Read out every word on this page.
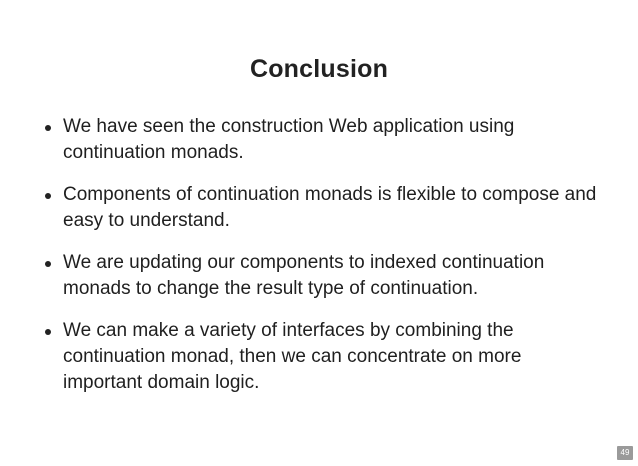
Conclusion
We have seen the construction Web application using continuation monads.
Components of continuation monads is flexible to compose and easy to understand.
We are updating our components to indexed continuation monads to change the result type of continuation.
We can make a variety of interfaces by combining the continuation monad, then we can concentrate on more important domain logic.
49
